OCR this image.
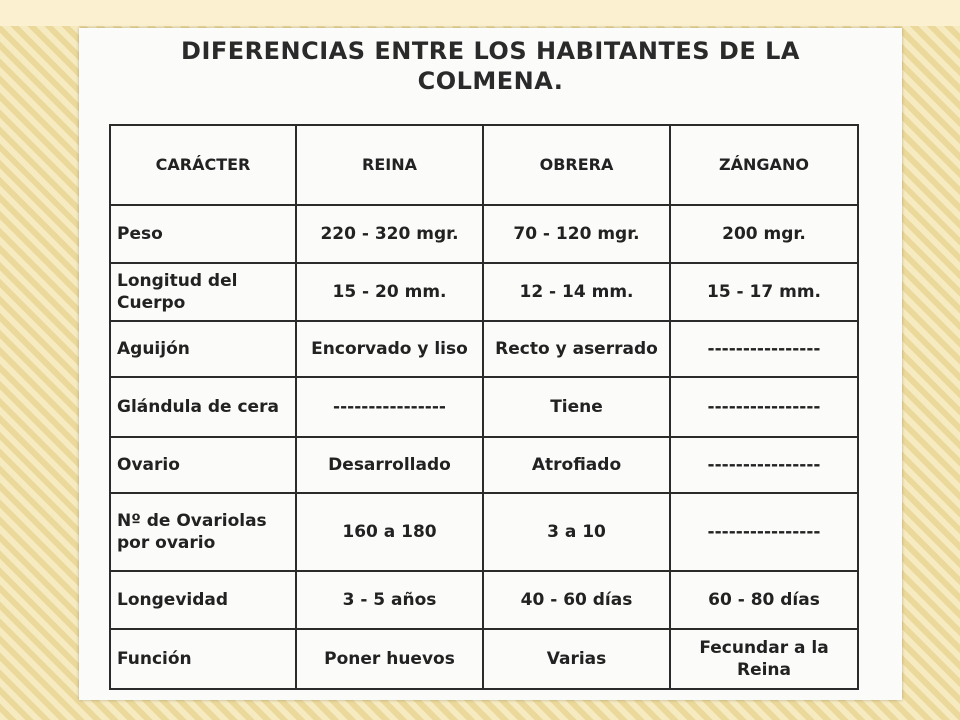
DIFERENCIAS ENTRE LOS HABITANTES DE LA
COLMENA.
CARÁCTER	REINA	OBRERA	ZÁNGANO
Peso	220 - 320 mgr.	70 - 120 mgr.	200 mgr.
Longitud del Cuerpo	15 - 20 mm.	12 - 14 mm.	15 - 17 mm.
Aguijón	Encorvado y liso	Recto y aserrado	----------------
Glándula de cera	----------------	Tiene	----------------
Ovario	Desarrollado	Atrofiado	----------------
Nº de Ovariolas por ovario	160 a 180	3 a 10	----------------
Longevidad	3 - 5 años	40 - 60 días	60 - 80 días
Función	Poner huevos	Varias	Fecundar a la Reina
